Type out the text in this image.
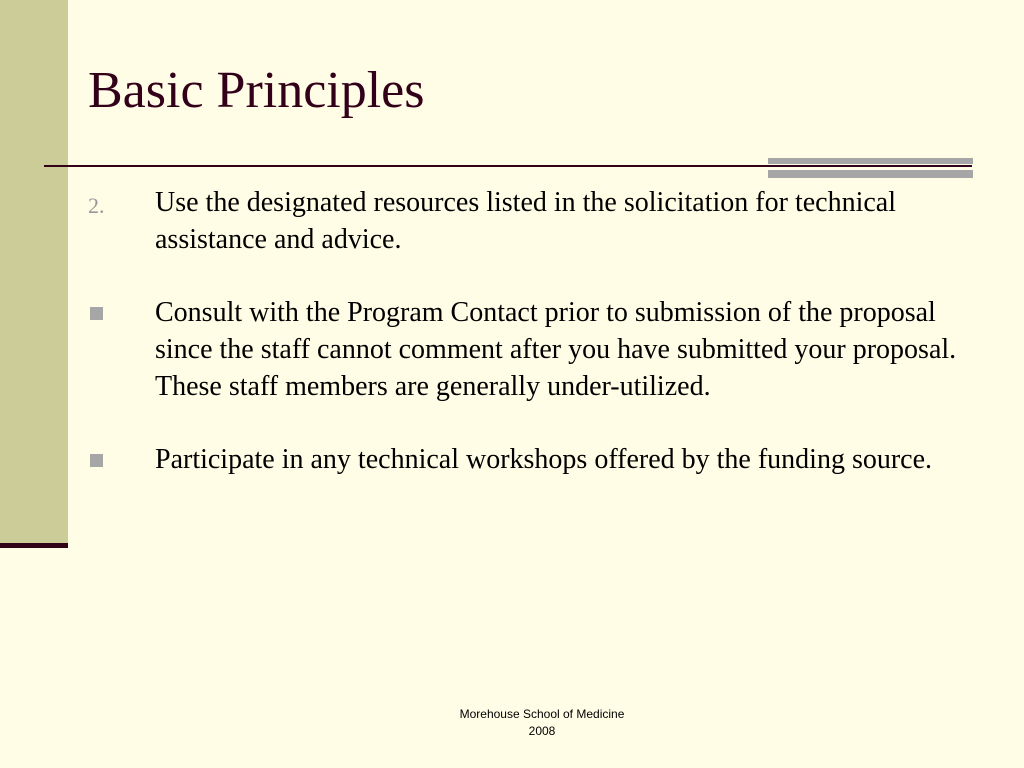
Basic Principles
2.	Use the designated resources listed in the solicitation for technical assistance and advice.
Consult with the Program Contact prior to submission of the proposal since the staff cannot comment after you have submitted your proposal. These staff members are generally under-utilized.
Participate in any technical workshops offered by the funding source.
Morehouse School of Medicine
2008
